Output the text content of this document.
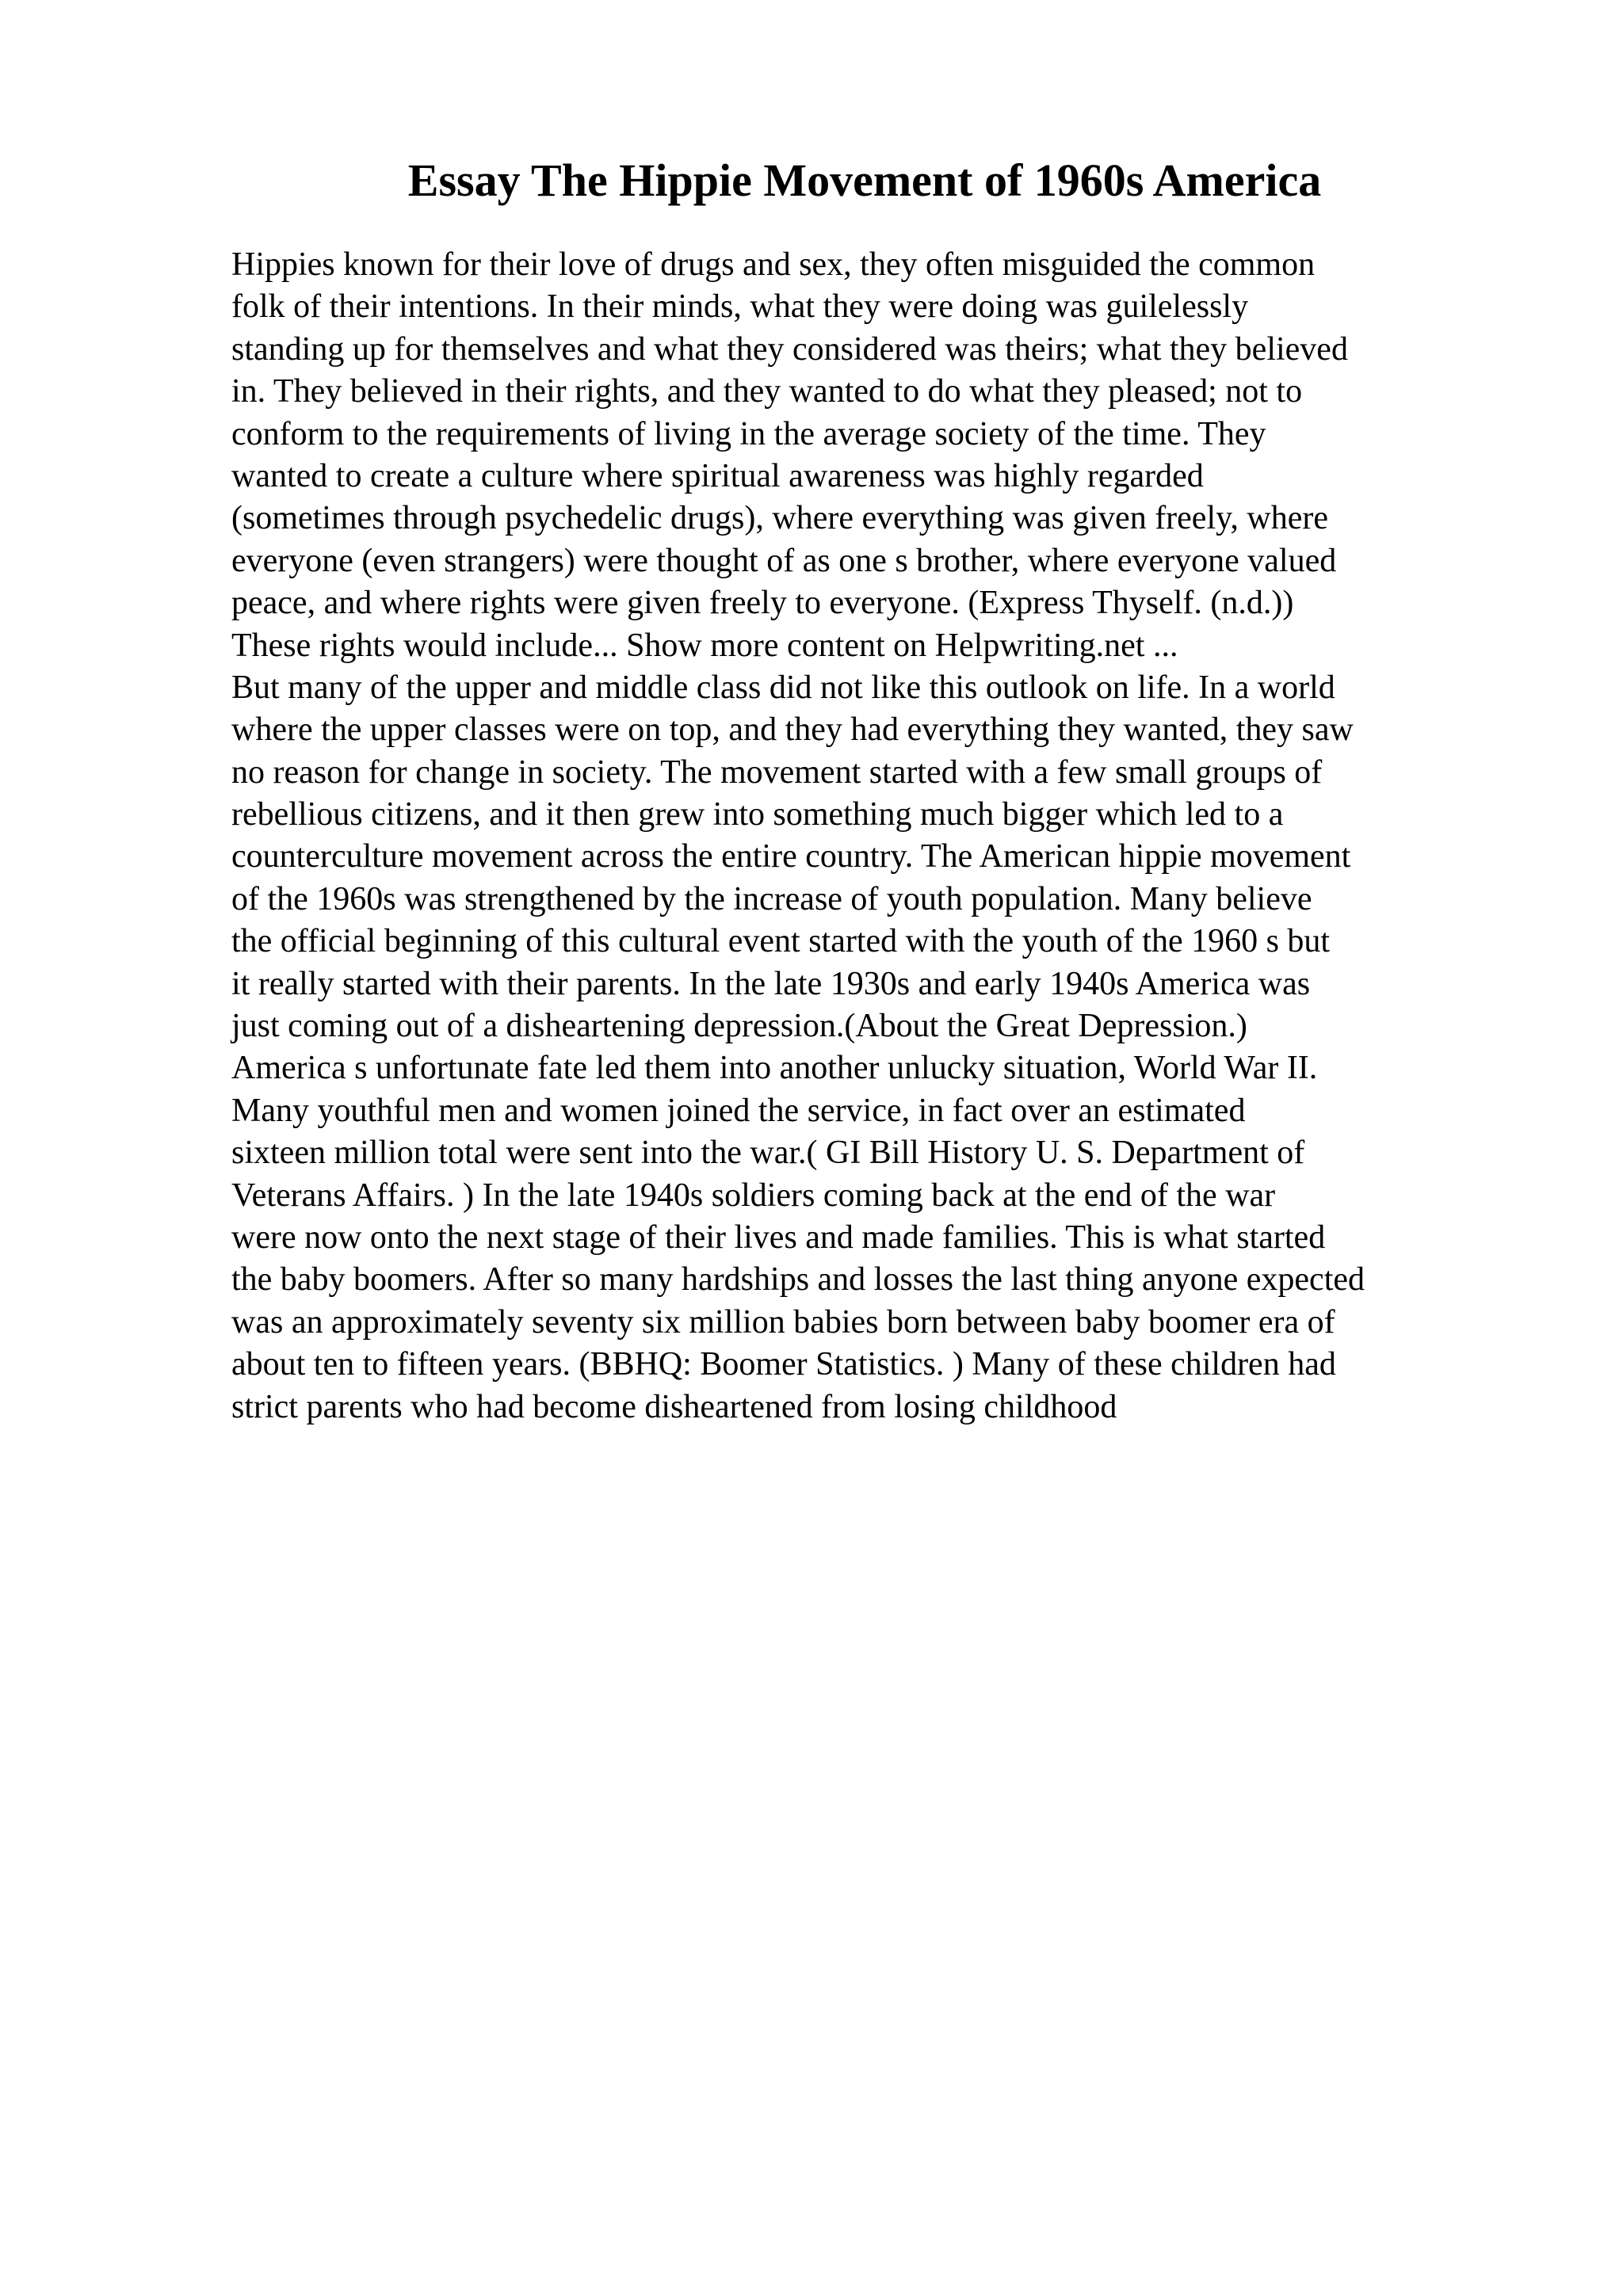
Essay The Hippie Movement of 1960s America
Hippies known for their love of drugs and sex, they often misguided the common
folk of their intentions. In their minds, what they were doing was guilelessly
standing up for themselves and what they considered was theirs; what they believed
in. They believed in their rights, and they wanted to do what they pleased; not to
conform to the requirements of living in the average society of the time. They
wanted to create a culture where spiritual awareness was highly regarded
(sometimes through psychedelic drugs), where everything was given freely, where
everyone (even strangers) were thought of as one s brother, where everyone valued
peace, and where rights were given freely to everyone. (Express Thyself. (n.d.))
These rights would include... Show more content on Helpwriting.net ...
But many of the upper and middle class did not like this outlook on life. In a world
where the upper classes were on top, and they had everything they wanted, they saw
no reason for change in society. The movement started with a few small groups of
rebellious citizens, and it then grew into something much bigger which led to a
counterculture movement across the entire country. The American hippie movement
of the 1960s was strengthened by the increase of youth population. Many believe
the official beginning of this cultural event started with the youth of the 1960 s but
it really started with their parents. In the late 1930s and early 1940s America was
just coming out of a disheartening depression.(About the Great Depression.)
America s unfortunate fate led them into another unlucky situation, World War II.
Many youthful men and women joined the service, in fact over an estimated
sixteen million total were sent into the war.( GI Bill History U. S. Department of
Veterans Affairs. ) In the late 1940s soldiers coming back at the end of the war
were now onto the next stage of their lives and made families. This is what started
the baby boomers. After so many hardships and losses the last thing anyone expected
was an approximately seventy six million babies born between baby boomer era of
about ten to fifteen years. (BBHQ: Boomer Statistics. ) Many of these children had
strict parents who had become disheartened from losing childhood
